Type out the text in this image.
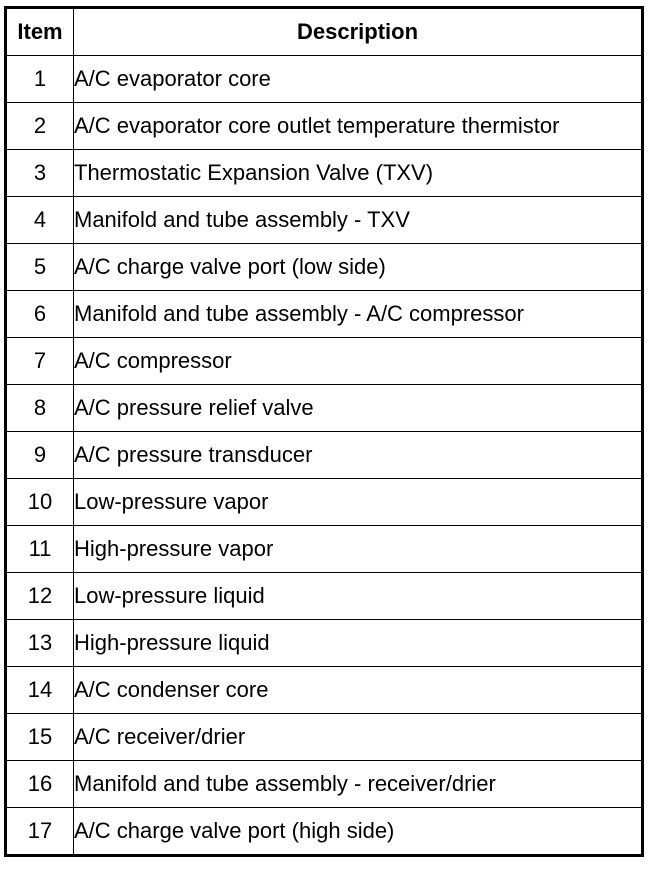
Item	Description
1	A/C evaporator core
2	A/C evaporator core outlet temperature thermistor
3	Thermostatic Expansion Valve (TXV)
4	Manifold and tube assembly - TXV
5	A/C charge valve port (low side)
6	Manifold and tube assembly - A/C compressor
7	A/C compressor
8	A/C pressure relief valve
9	A/C pressure transducer
10	Low-pressure vapor
11	High-pressure vapor
12	Low-pressure liquid
13	High-pressure liquid
14	A/C condenser core
15	A/C receiver/drier
16	Manifold and tube assembly - receiver/drier
17	A/C charge valve port (high side)
